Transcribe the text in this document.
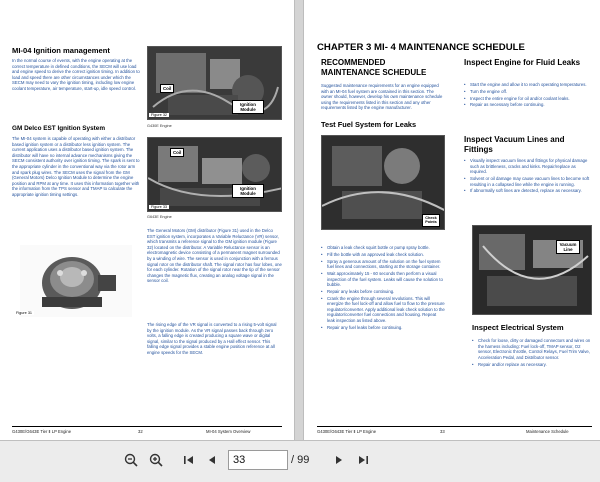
MI-04 Ignition management
In the normal course of events, with the engine operating at the correct temperature in defined conditions, the SECM will use load and engine speed to derive the correct ignition timing. In addition to load and speed there are other circumstances under which the SECM may need to vary the ignition timing, including low engine coolant temperature, air temperature, start-up, idle speed control.
GM Delco EST Ignition System
The MI-04 system is capable of operating with either a distributor based ignition system or a distributor less ignition system. The current application uses a distributor based ignition system. The distributor will have no internal advance mechanisms giving the SECM consistent authority over ignition timing. The spark is sent to the appropriate cylinder in the conventional way via the rotor arm and spark plug wires. The SECM uses the signal from the GM (General Motors) Delco Ignition Module to determine the engine position and RPM at any time. It uses this information together with the information from the TPS sensor and TMAP to calculate the appropriate ignition timing settings.
Figure 31
Coil
Ignition Module
Figure 32
G430E Engine
Coil
Ignition Module
Figure 33
G643E Engine
The General Motors (GM) distributor (Figure 31) used in the Delco EST ignition system, incorporates a Variable Reluctance (VR) sensor, which transmits a reference signal to the GM ignition module (Figure 32) located on the distributor. A Variable Reluctance sensor is an electromagnetic device consisting of a permanent magnet surrounded by a winding of wire. The sensor is used in conjunction with a ferrous signal rotor on the distributor shaft. The signal rotor has four lobes, one for each cylinder. Rotation of the signal rotor near the tip of the sensor changes the magnetic flux, creating an analog voltage signal in the sensor coil.
The rising edge of the VR signal is converted to a rising 5-volt signal by the ignition module. As the VR signal passes back through zero volts, a falling edge is created producing a square wave or digital signal, similar to the signal produced by a Hall effect sensor. This falling edge signal provides a stable engine position reference at all engine speeds for the SECM.
G430E/G643E Tier Ⅱ LP Engine	32	MI-04 System Overview
CHAPTER 3 MI- 4 MAINTENANCE SCHEDULE
RECOMMENDED MAINTENANCE SCHEDULE
Suggested maintenance requirements for an engine equipped with an MI-04 fuel system are contained in this section. The owner should, however, develop his own maintenance schedule using the requirements listed in this section and any other requirements listed by the engine manufacturer.
Test Fuel System for Leaks
Check Points
• Obtain a leak check squirt bottle or pump spray bottle.
• Fill the bottle with an approved leak check solution.
• Spray a generous amount of the solution on the fuel system fuel lines and connections, starting at the storage container.
• Wait approximately 15 - 60 seconds then perform a visual inspection of the fuel system. Leaks will cause the solution to bubble.
• Repair any leaks before continuing.
• Crank the engine through several revolutions. This will energize the fuel lock-off and allow fuel to flow to the pressure regulator/converter. Apply additional leak check solution to the regulator/converter fuel connections and housing. Repeat leak inspection as listed above.
• Repair any fuel leaks before continuing.
Inspect Engine for Fluid Leaks
• Start the engine and allow it to reach operating temperatures.
• Turn the engine off.
• Inspect the entire engine for oil and/or coolant leaks.
• Repair as necessary before continuing.
Inspect Vacuum Lines and Fittings
• Visually inspect vacuum lines and fittings for physical damage such as brittleness, cracks and kinks. Repair/replace as required.
• Solvent or oil damage may cause vacuum lines to become soft resulting in a collapsed line while the engine is running.
• If abnormally soft lines are detected, replace as necessary.
Vacuum Line
Inspect Electrical System
• Check for loose, dirty or damaged connectors and wires on the harness including: Fuel lock-off, TMAP sensor, O2 sensor, Electronic throttle, Control Relays, Fuel Trim Valve, Acceleration Pedal, and Distributor sensor.
• Repair and/or replace as necessary.
G430E/G643E Tier Ⅱ LP Engine	33	Maintenance Schedule
33	/ 99
